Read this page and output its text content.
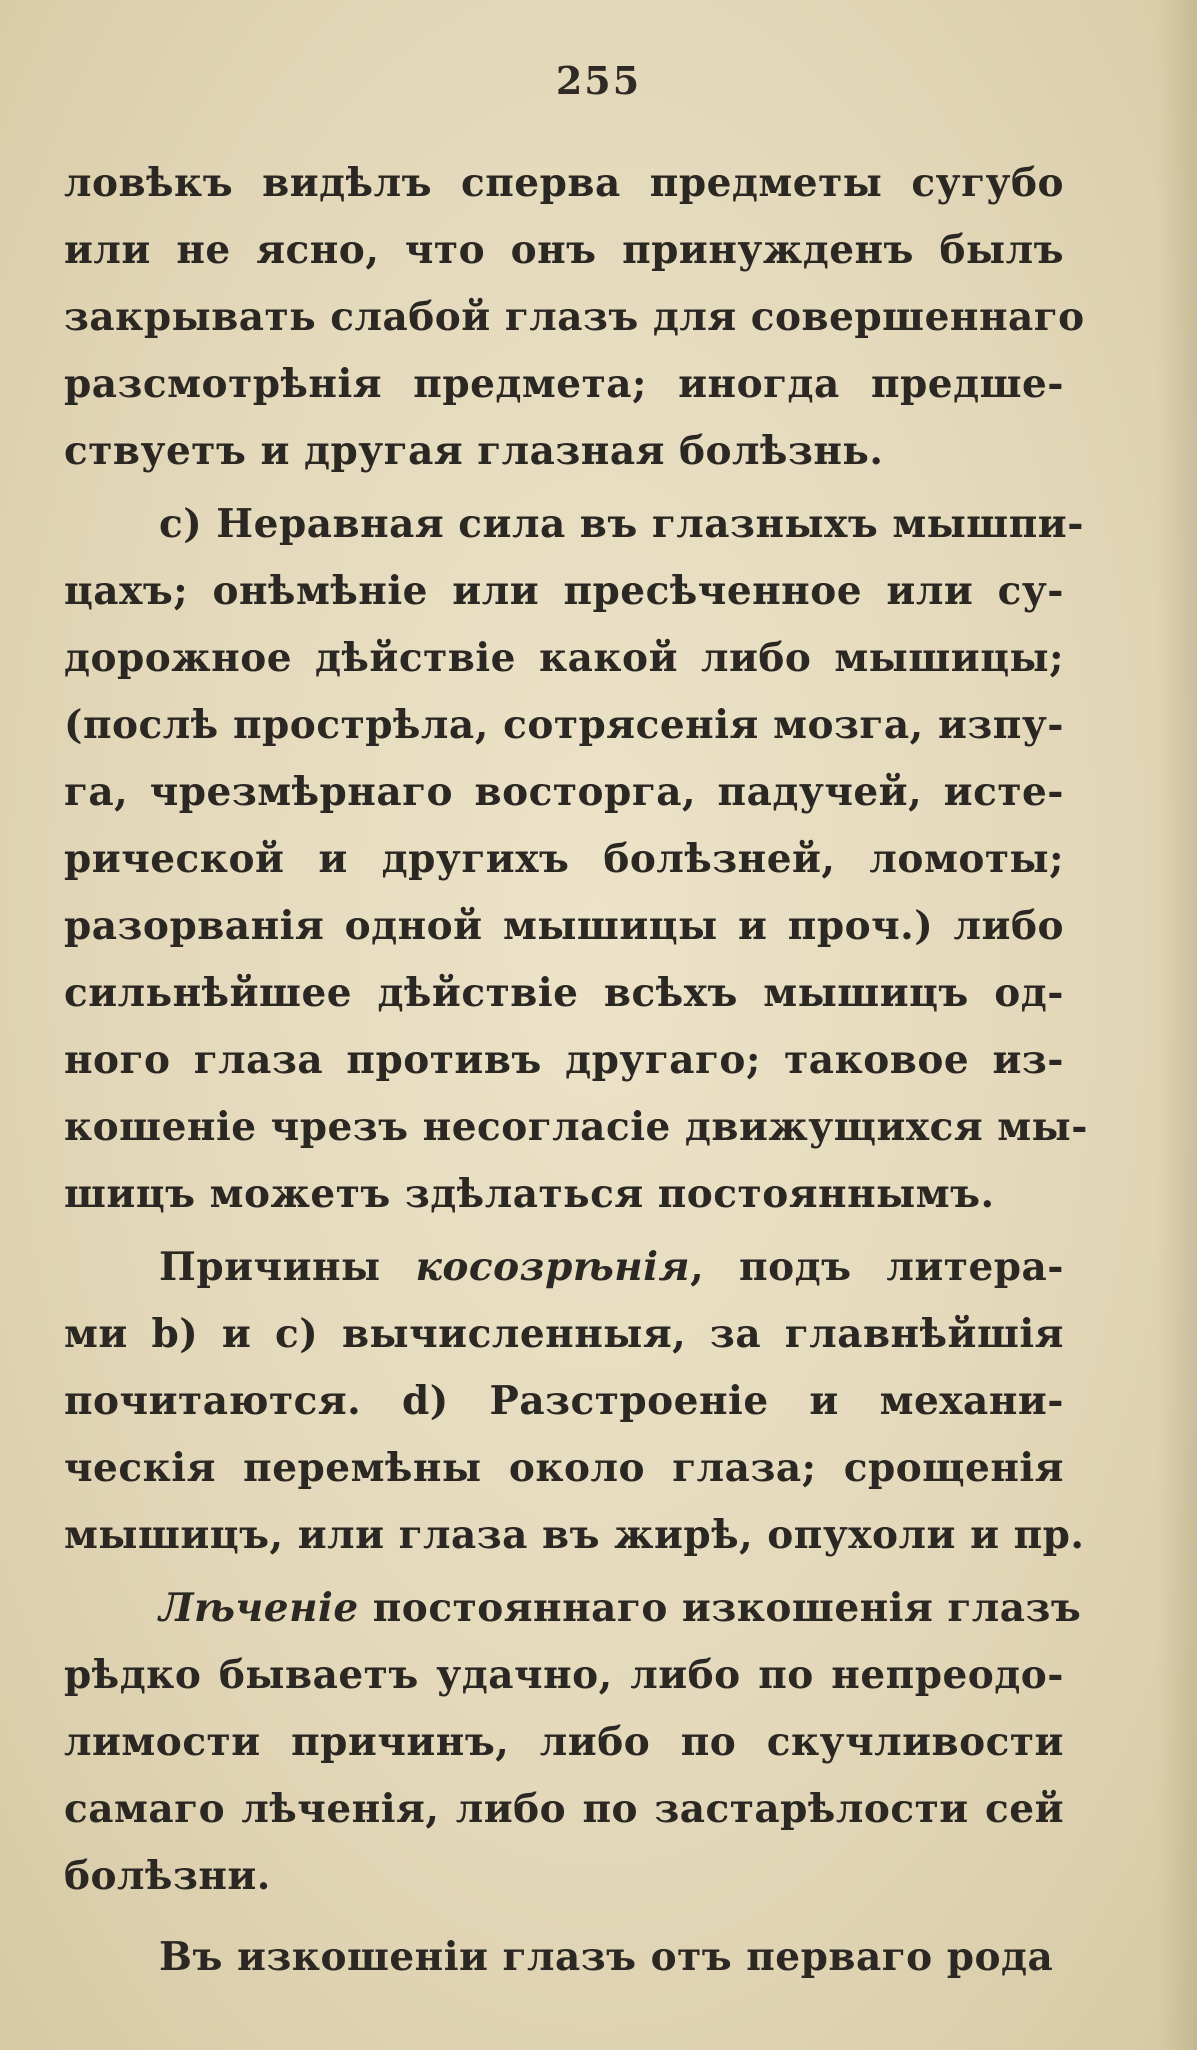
255
ловѣкъ видѣлъ сперва предметы сугубо
или не ясно, что онъ принужденъ былъ
закрывать слабой глазъ для совершеннаго
разсмотрѣнія предмета; иногда предше-
ствуетъ и другая глазная болѣзнь.
c) Неравная сила въ глазныхъ мышпи-
цахъ; онѣмѣніе или пресѣченное или су-
дорожное дѣйствіе какой либо мышицы;
(послѣ прострѣла, сотрясенія мозга, изпу-
га, чрезмѣрнаго восторга, падучей, исте-
рической и другихъ болѣзней, ломоты;
разорванія одной мышицы и проч.) либо
сильнѣйшее дѣйствіе всѣхъ мышицъ од-
ного глаза противъ другаго; таковое из-
кошеніе чрезъ несогласіе движущихся мы-
шицъ можетъ здѣлаться постояннымъ.
Причины косозрѣнія, подъ литера-
ми b) и c) вычисленныя, за главнѣйшія
почитаются. d) Разстроеніе и механи-
ческія перемѣны около глаза; срощенія
мышицъ, или глаза въ жирѣ, опухоли и пр.
Лѣченіе постояннаго изкошенія глазъ
рѣдко бываетъ удачно, либо по непреодо-
лимости причинъ, либо по скучливости
самаго лѣченія, либо по застарѣлости сей
болѣзни.
Въ изкошеніи глазъ отъ перваго рода
